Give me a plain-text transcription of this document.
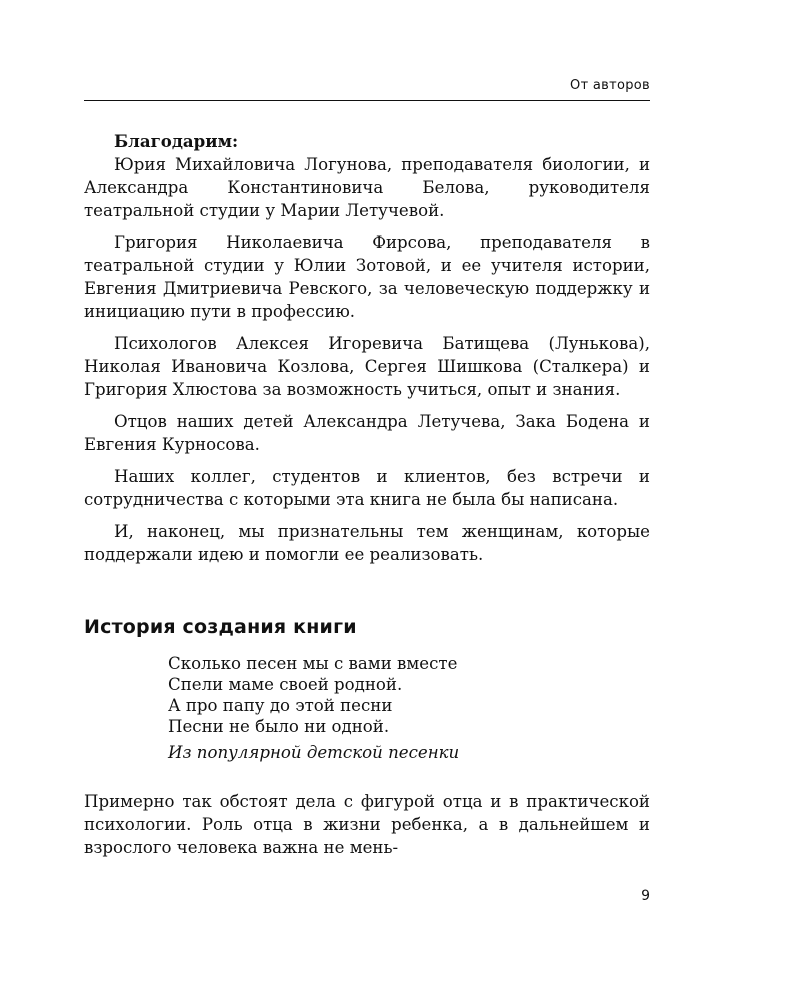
От авторов

Благодарим:

Юрия Михайловича Логунова, преподавателя биологии, и Александра Константиновича Белова, руководителя театральной студии у Марии Летучевой.

Григория Николаевича Фирсова, преподавателя в театральной студии у Юлии Зотовой, и ее учителя истории, Евгения Дмитриевича Ревского, за человеческую поддержку и инициацию пути в профессию.

Психологов Алексея Игоревича Батищева (Лунькова), Николая Ивановича Козлова, Сергея Шишкова (Сталкера) и Григория Хлюстова за возможность учиться, опыт и знания.

Отцов наших детей Александра Летучева, Зака Бодена и Евгения Курносова.

Наших коллег, студентов и клиентов, без встречи и сотрудничества с которыми эта книга не была бы написана.

И, наконец, мы признательны тем женщинам, которые поддержали идею и помогли ее реализовать.

История создания книги
Сколько песен мы с вами вместе
Спели маме своей родной.
А про папу до этой песни
Песни не было ни одной.
Из популярной детской песенки

Примерно так обстоят дела с фигурой отца и в практической психологии. Роль отца в жизни ребенка, а в дальнейшем и взрослого человека важна не мень-

9
